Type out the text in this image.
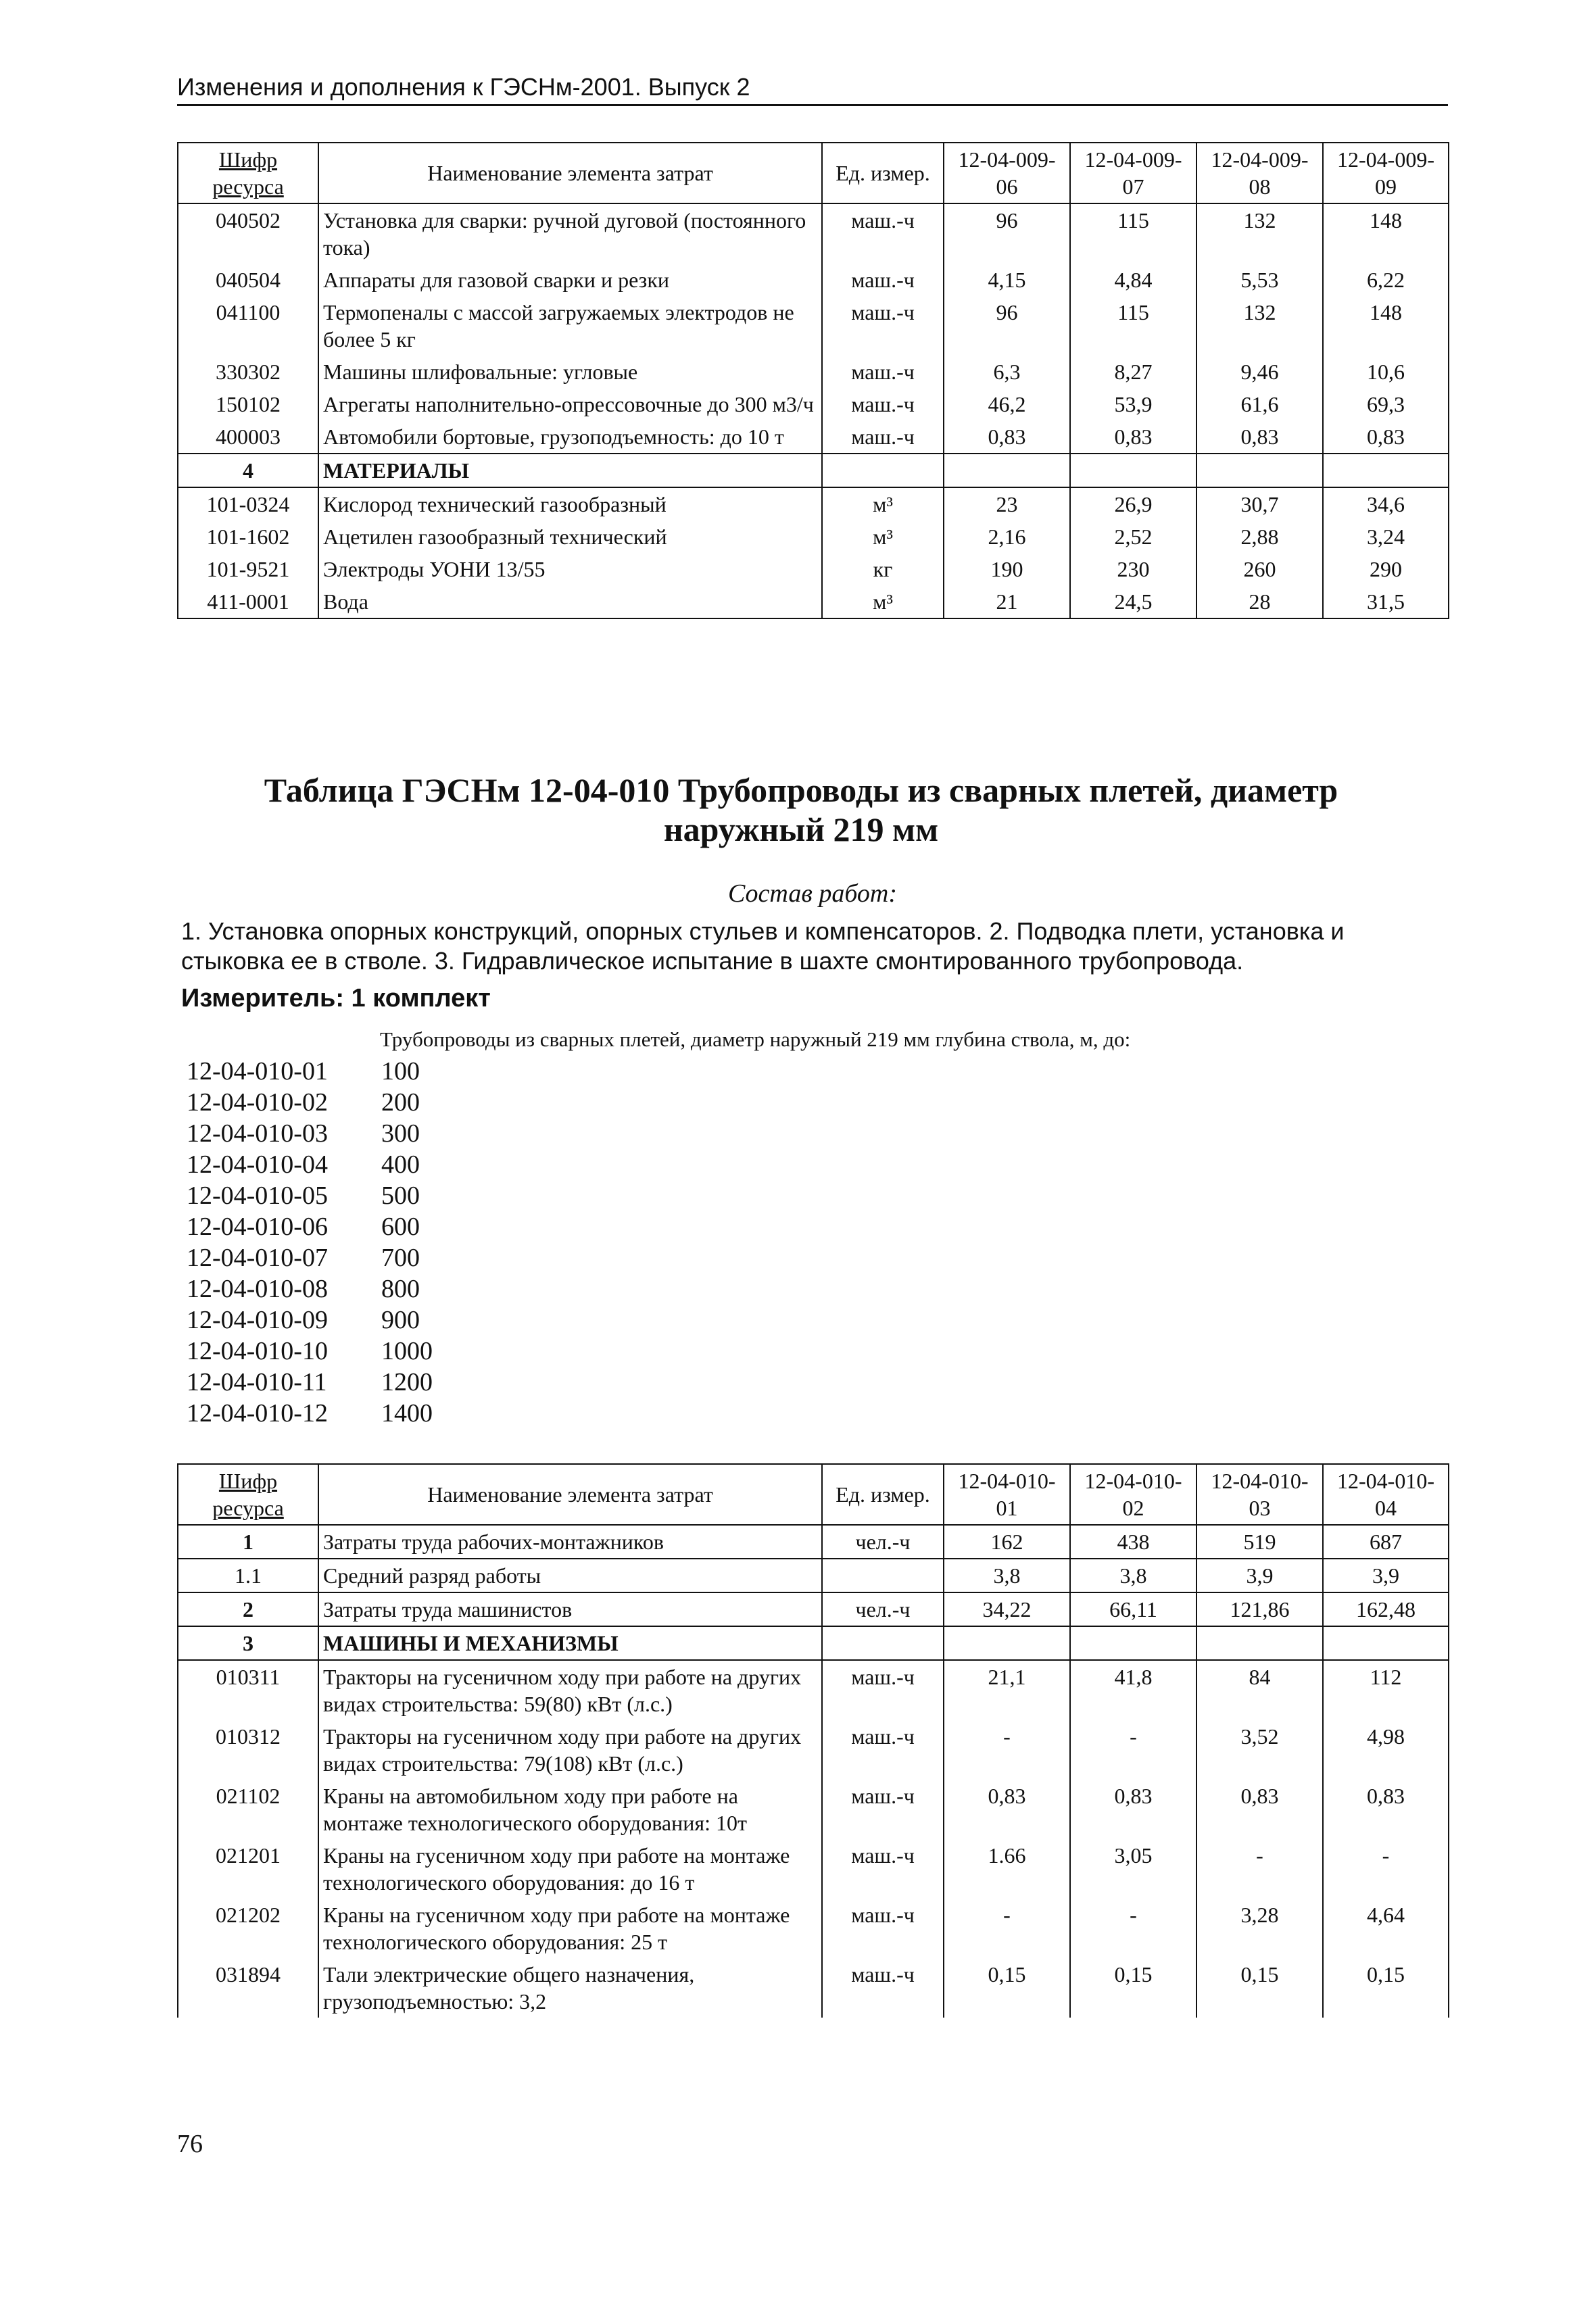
Изменения и дополнения к ГЭСНм-2001. Выпуск 2
Шифр ресурса	Наименование элемента затрат	Ед. измер.	12-04-009-06	12-04-009-07	12-04-009-08	12-04-009-09
040502	Установка для сварки: ручной дуговой (постоянного тока)	маш.-ч	96	115	132	148
040504	Аппараты для газовой сварки и резки	маш.-ч	4,15	4,84	5,53	6,22
041100	Термопеналы с массой загружаемых электродов не более 5 кг	маш.-ч	96	115	132	148
330302	Машины шлифовальные: угловые	маш.-ч	6,3	8,27	9,46	10,6
150102	Агрегаты наполнительно-опрессовочные до 300 м3/ч	маш.-ч	46,2	53,9	61,6	69,3
400003	Автомобили бортовые, грузоподъемность: до 10 т	маш.-ч	0,83	0,83	0,83	0,83
4	МАТЕРИАЛЫ					
101-0324	Кислород технический газообразный	м³	23	26,9	30,7	34,6
101-1602	Ацетилен газообразный технический	м³	2,16	2,52	2,88	3,24
101-9521	Электроды УОНИ 13/55	кг	190	230	260	290
411-0001	Вода	м³	21	24,5	28	31,5
Таблица ГЭСНм 12-04-010 Трубопроводы из сварных плетей, диаметр наружный 219 мм
Состав работ:
1. Установка опорных конструкций, опорных стульев и компенсаторов. 2. Подводка плети, установка и стыковка ее в стволе. 3. Гидравлическое испытание в шахте смонтированного трубопровода.
Измеритель: 1 комплект
Трубопроводы из сварных плетей, диаметр наружный 219 мм глубина ствола, м, до:
12-04-010-01	100
12-04-010-02	200
12-04-010-03	300
12-04-010-04	400
12-04-010-05	500
12-04-010-06	600
12-04-010-07	700
12-04-010-08	800
12-04-010-09	900
12-04-010-10	1000
12-04-010-11	1200
12-04-010-12	1400
Шифр ресурса	Наименование элемента затрат	Ед. измер.	12-04-010-01	12-04-010-02	12-04-010-03	12-04-010-04
1	Затраты труда рабочих-монтажников	чел.-ч	162	438	519	687
1.1	Средний разряд работы		3,8	3,8	3,9	3,9
2	Затраты труда машинистов	чел.-ч	34,22	66,11	121,86	162,48
3	МАШИНЫ И МЕХАНИЗМЫ					
010311	Тракторы на гусеничном ходу при работе на других видах строительства: 59(80) кВт (л.с.)	маш.-ч	21,1	41,8	84	112
010312	Тракторы на гусеничном ходу при работе на других видах строительства: 79(108) кВт (л.с.)	маш.-ч	-	-	3,52	4,98
021102	Краны на автомобильном ходу при работе на монтаже технологического оборудования: 10т	маш.-ч	0,83	0,83	0,83	0,83
021201	Краны на гусеничном ходу при работе на монтаже технологического оборудования: до 16 т	маш.-ч	1.66	3,05	-	-
021202	Краны на гусеничном ходу при работе на монтаже технологического оборудования: 25 т	маш.-ч	-	-	3,28	4,64
031894	Тали электрические общего назначения, грузоподъемностью: 3,2	маш.-ч	0,15	0,15	0,15	0,15
76
